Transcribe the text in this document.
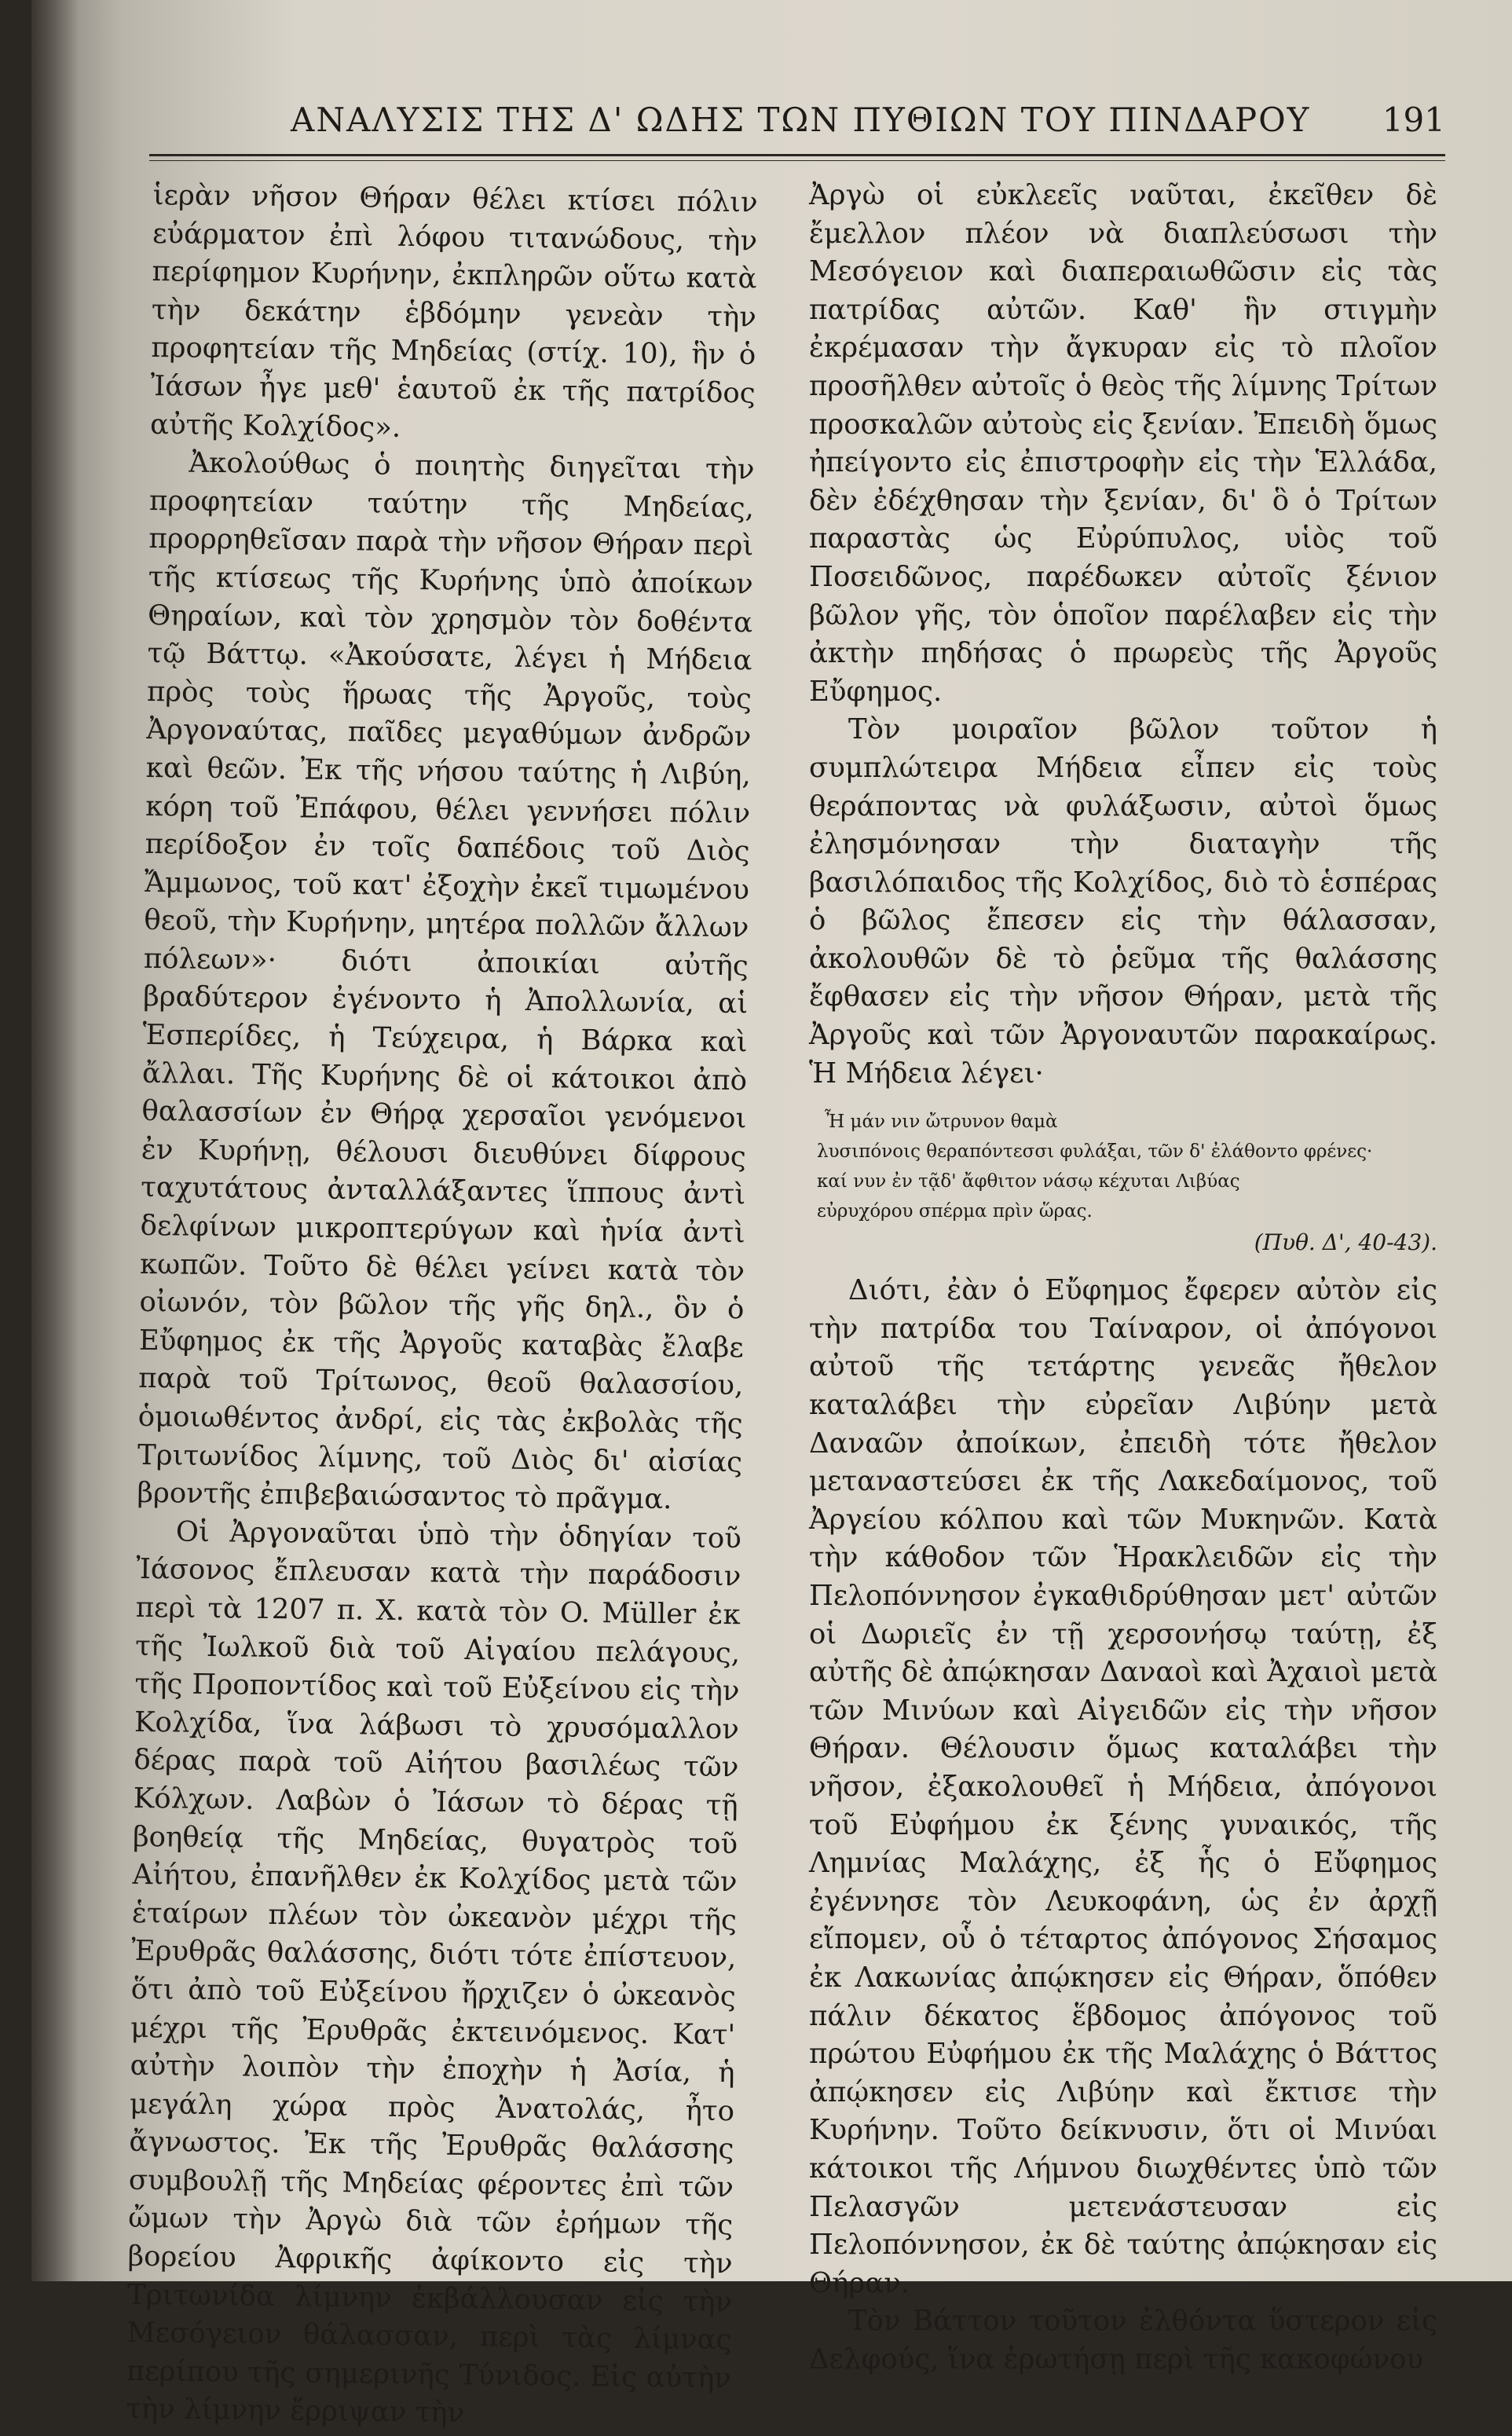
ΑΝΑΛΥΣΙΣ ΤΗΣ Δ' ΩΔΗΣ ΤΩΝ ΠΥΘΙΩΝ ΤΟΥ ΠΙΝΔΑΡΟΥ 191

ἱερὰν νῆσον Θήραν θέλει κτίσει πόλιν εὐάρματον ἐπὶ λόφου τιτανώδους, τὴν περίφημον Κυρήνην, ἐκπληρῶν οὕτω κατὰ τὴν δεκάτην ἑβδόμην γενεὰν τὴν προφητείαν τῆς Μηδείας (στίχ. 10), ἣν ὁ Ἰάσων ἦγε μεθ' ἑαυτοῦ ἐκ τῆς πατρίδος αὐτῆς Κολχίδος».

Ἀκολούθως ὁ ποιητὴς διηγεῖται τὴν προφητείαν ταύτην τῆς Μηδείας, προρρηθεῖσαν παρὰ τὴν νῆσον Θήραν περὶ τῆς κτίσεως τῆς Κυρήνης ὑπὸ ἀποίκων Θηραίων, καὶ τὸν χρησμὸν τὸν δοθέντα τῷ Βάττῳ. «Ἀκούσατε, λέγει ἡ Μήδεια πρὸς τοὺς ἥρωας τῆς Ἀργοῦς, τοὺς Ἀργοναύτας, παῖδες μεγαθύμων ἀνδρῶν καὶ θεῶν. Ἐκ τῆς νήσου ταύτης ἡ Λιβύη, κόρη τοῦ Ἐπάφου, θέλει γεννήσει πόλιν περίδοξον ἐν τοῖς δαπέδοις τοῦ Διὸς Ἄμμωνος, τοῦ κατ' ἐξοχὴν ἐκεῖ τιμωμένου θεοῦ, τὴν Κυρήνην, μητέρα πολλῶν ἄλλων πόλεων»· διότι ἀποικίαι αὐτῆς βραδύτερον ἐγένοντο ἡ Ἀπολλωνία, αἱ Ἑσπερίδες, ἡ Τεύχειρα, ἡ Βάρκα καὶ ἄλλαι. Τῆς Κυρήνης δὲ οἱ κάτοικοι ἀπὸ θαλασσίων ἐν Θήρᾳ χερσαῖοι γενόμενοι ἐν Κυρήνῃ, θέλουσι διευθύνει δίφρους ταχυτάτους ἀνταλλάξαντες ἵππους ἀντὶ δελφίνων μικροπτερύγων καὶ ἡνία ἀντὶ κωπῶν. Τοῦτο δὲ θέλει γείνει κατὰ τὸν οἰωνόν, τὸν βῶλον τῆς γῆς δηλ., ὃν ὁ Εὔφημος ἐκ τῆς Ἀργοῦς καταβὰς ἔλαβε παρὰ τοῦ Τρίτωνος, θεοῦ θαλασσίου, ὁμοιωθέντος ἀνδρί, εἰς τὰς ἐκβολὰς τῆς Τριτωνίδος λίμνης, τοῦ Διὸς δι' αἰσίας βροντῆς ἐπιβεβαιώσαντος τὸ πρᾶγμα.

Οἱ Ἀργοναῦται ὑπὸ τὴν ὁδηγίαν τοῦ Ἰάσονος ἔπλευσαν κατὰ τὴν παράδοσιν περὶ τὰ 1207 π. Χ. κατὰ τὸν O. Müller ἐκ τῆς Ἰωλκοῦ διὰ τοῦ Αἰγαίου πελάγους, τῆς Προποντίδος καὶ τοῦ Εὐξείνου εἰς τὴν Κολχίδα, ἵνα λάβωσι τὸ χρυσόμαλλον δέρας παρὰ τοῦ Αἰήτου βασιλέως τῶν Κόλχων. Λαβὼν ὁ Ἰάσων τὸ δέρας τῇ βοηθείᾳ τῆς Μηδείας, θυγατρὸς τοῦ Αἰήτου, ἐπανῆλθεν ἐκ Κολχίδος μετὰ τῶν ἑταίρων πλέων τὸν ὠκεανὸν μέχρι τῆς Ἐρυθρᾶς θαλάσσης, διότι τότε ἐπίστευον, ὅτι ἀπὸ τοῦ Εὐξείνου ἤρχιζεν ὁ ὠκεανὸς μέχρι τῆς Ἐρυθρᾶς ἐκτεινόμενος. Κατ' αὐτὴν λοιπὸν τὴν ἐποχὴν ἡ Ἀσία, ἡ μεγάλη χώρα πρὸς Ἀνατολάς, ἦτο ἄγνωστος. Ἐκ τῆς Ἐρυθρᾶς θαλάσσης συμβουλῇ τῆς Μηδείας φέροντες ἐπὶ τῶν ὤμων τὴν Ἀργὼ διὰ τῶν ἐρήμων τῆς βορείου Ἀφρικῆς ἀφίκοντο εἰς τὴν Τριτωνίδα λίμνην ἐκβάλλουσαν εἰς τὴν Μεσόγειον θάλασσαν, περὶ τὰς λίμνας περίπου τῆς σημερινῆς Τύνιδος. Εἰς αὐτὴν τὴν λίμνην ἔρριψαν τὴν

Ἀργὼ οἱ εὐκλεεῖς ναῦται, ἐκεῖθεν δὲ ἔμελλον πλέον νὰ διαπλεύσωσι τὴν Μεσόγειον καὶ διαπεραιωθῶσιν εἰς τὰς πατρίδας αὐτῶν. Καθ' ἣν στιγμὴν ἐκρέμασαν τὴν ἄγκυραν εἰς τὸ πλοῖον προσῆλθεν αὐτοῖς ὁ θεὸς τῆς λίμνης Τρίτων προσκαλῶν αὐτοὺς εἰς ξενίαν. Ἐπειδὴ ὅμως ἠπείγοντο εἰς ἐπιστροφὴν εἰς τὴν Ἑλλάδα, δὲν ἐδέχθησαν τὴν ξενίαν, δι' ὃ ὁ Τρίτων παραστὰς ὡς Εὐρύπυλος, υἱὸς τοῦ Ποσειδῶνος, παρέδωκεν αὐτοῖς ξένιον βῶλον γῆς, τὸν ὁποῖον παρέλαβεν εἰς τὴν ἀκτὴν πηδήσας ὁ πρωρεὺς τῆς Ἀργοῦς Εὔφημος.

Τὸν μοιραῖον βῶλον τοῦτον ἡ συμπλώτειρα Μήδεια εἶπεν εἰς τοὺς θεράποντας νὰ φυλάξωσιν, αὐτοὶ ὅμως ἐλησμόνησαν τὴν διαταγὴν τῆς βασιλόπαιδος τῆς Κολχίδος, διὸ τὸ ἑσπέρας ὁ βῶλος ἔπεσεν εἰς τὴν θάλασσαν, ἀκολουθῶν δὲ τὸ ῥεῦμα τῆς θαλάσσης ἔφθασεν εἰς τὴν νῆσον Θήραν, μετὰ τῆς Ἀργοῦς καὶ τῶν Ἀργοναυτῶν παρακαίρως. Ἡ Μήδεια λέγει·

Ἦ μάν νιν ὤτρυνον θαμὰ

λυσιπόνοις θεραπόντεσσι φυλάξαι, τῶν δ' ἐλάθοντο φρένες·

καί νυν ἐν τᾷδ' ἄφθιτον νάσῳ κέχυται Λιβύας

εὐρυχόρου σπέρμα πρὶν ὥρας.

(Πυθ. Δ', 40-43).

Διότι, ἐὰν ὁ Εὔφημος ἔφερεν αὐτὸν εἰς τὴν πατρίδα του Ταίναρον, οἱ ἀπόγονοι αὐτοῦ τῆς τετάρτης γενεᾶς ἤθελον καταλάβει τὴν εὐρεῖαν Λιβύην μετὰ Δαναῶν ἀποίκων, ἐπειδὴ τότε ἤθελον μεταναστεύσει ἐκ τῆς Λακεδαίμονος, τοῦ Ἀργείου κόλπου καὶ τῶν Μυκηνῶν. Κατὰ τὴν κάθοδον τῶν Ἡρακλειδῶν εἰς τὴν Πελοπόννησον ἐγκαθιδρύθησαν μετ' αὐτῶν οἱ Δωριεῖς ἐν τῇ χερσονήσῳ ταύτῃ, ἐξ αὐτῆς δὲ ἀπῴκησαν Δαναοὶ καὶ Ἀχαιοὶ μετὰ τῶν Μινύων καὶ Αἰγειδῶν εἰς τὴν νῆσον Θήραν. Θέλουσιν ὅμως καταλάβει τὴν νῆσον, ἐξακολουθεῖ ἡ Μήδεια, ἀπόγονοι τοῦ Εὐφήμου ἐκ ξένης γυναικός, τῆς Λημνίας Μαλάχης, ἐξ ἧς ὁ Εὔφημος ἐγέννησε τὸν Λευκοφάνη, ὡς ἐν ἀρχῇ εἴπομεν, οὗ ὁ τέταρτος ἀπόγονος Σήσαμος ἐκ Λακωνίας ἀπῴκησεν εἰς Θήραν, ὅπόθεν πάλιν δέκατος ἕβδομος ἀπόγονος τοῦ πρώτου Εὐφήμου ἐκ τῆς Μαλάχης ὁ Βάττος ἀπῴκησεν εἰς Λιβύην καὶ ἔκτισε τὴν Κυρήνην. Τοῦτο δείκνυσιν, ὅτι οἱ Μινύαι κάτοικοι τῆς Λήμνου διωχθέντες ὑπὸ τῶν Πελασγῶν μετενάστευσαν εἰς Πελοπόννησον, ἐκ δὲ ταύτης ἀπῴκησαν εἰς Θήραν.

Τὸν Βάττον τοῦτον ἐλθόντα ὕστερον εἰς Δελφούς, ἵνα ἐρωτήσῃ περὶ τῆς κακοφώνου
